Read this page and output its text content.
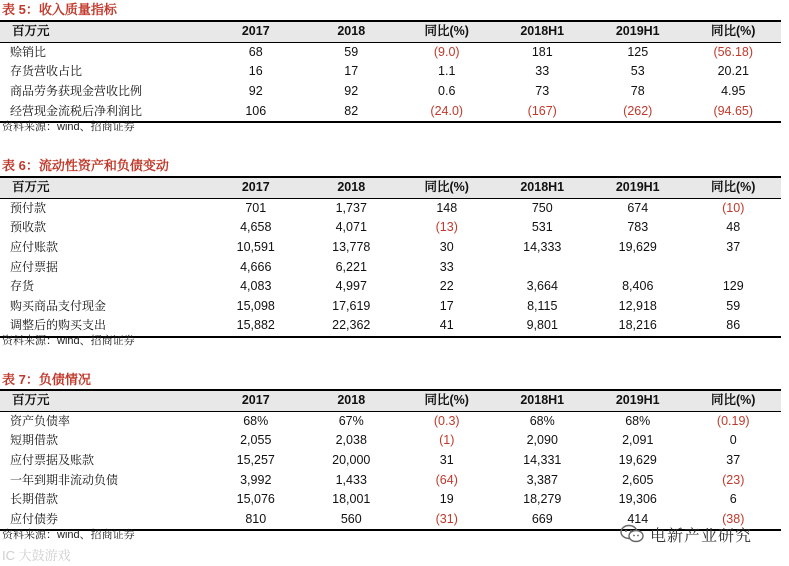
表 5：收入质量指标
百万元	2017	2018	同比(%)	2018H1	2019H1	同比(%)
赊销比	68	59	(9.0)	181	125	(56.18)
存货营收占比	16	17	1.1	33	53	20.21
商品劳务获现金营收比例	92	92	0.6	73	78	4.95
经营现金流税后净利润比	106	82	(24.0)	(167)	(262)	(94.65)
资料来源：wind、招商证券
表 6：流动性资产和负债变动
百万元	2017	2018	同比(%)	2018H1	2019H1	同比(%)
预付款	701	1,737	148	750	674	(10)
预收款	4,658	4,071	(13)	531	783	48
应付账款	10,591	13,778	30	14,333	19,629	37
应付票据	4,666	6,221	33			
存货	4,083	4,997	22	3,664	8,406	129
购买商品支付现金	15,098	17,619	17	8,115	12,918	59
调整后的购买支出	15,882	22,362	41	9,801	18,216	86
资料来源：wind、招商证券
表 7：负债情况
百万元	2017	2018	同比(%)	2018H1	2019H1	同比(%)
资产负债率	68%	67%	(0.3)	68%	68%	(0.19)
短期借款	2,055	2,038	(1)	2,090	2,091	0
应付票据及账款	15,257	20,000	31	14,331	19,629	37
一年到期非流动负债	3,992	1,433	(64)	3,387	2,605	(23)
长期借款	15,076	18,001	19	18,279	19,306	6
应付债券	810	560	(31)	669	414	(38)
资料来源：wind、招商证券
IC 大鼓游戏
电新产业研究
